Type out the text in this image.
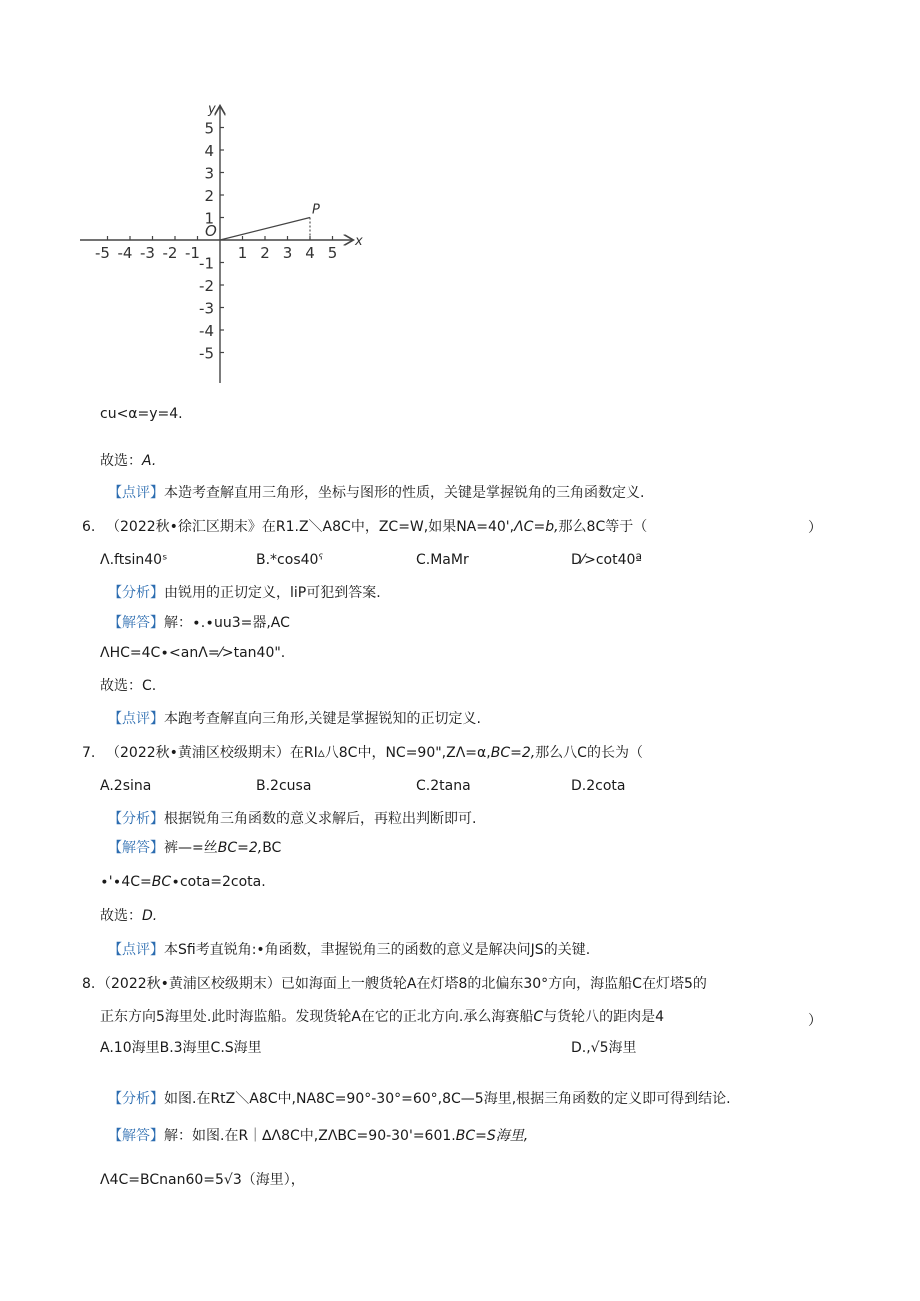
-5 -4 -3 -2 -1	1 2 3 4 5
5
4
3
2
1
-1
-2
-3
-4
-5
x
y
O
P
cu<α=y=4.
故选：A.
【点评】本造考查解直用三角形，坐标与图形的性质，关键是掌握锐角的三角函数定义.
6. （2022秋•徐汇区期末》在R1.Z＼A8C中，ZC=W,如果NA=40',ΛC=b,那么8C等于（	）
Λ.ftsin40ˢ	B.*cos40ˤ	C.MaMr	D⁄>cot40ª
【分析】由锐用的正切定义，liP可犯到答案.
【解答】解：∙.∙uu3=器,AC
ΛHC=4C∙<anΛ=⁄>tan40".
故选：C.
【点评】本跑考查解直向三角形,关键是掌握锐知的正切定义.
7. （2022秋•黄浦区校级期末）在RI▵八8C中，NC=90",ZΛ=α,BC=2,那么八C的长为（
A.2sina	B.2cusa	C.2tana	D.2cota
【分析】根据锐角三角函数的意义求解后，再粒出判断即可.
【解答】裤—=丝BC=2,BC
∙'∙4C=BC∙cota=2cota.
故选：D.
【点评】本Sfi考直锐角:•角函数，聿握锐角三的函数的意义是解决问JS的关键.
8. （2022秋•黄浦区校级期末）已如海面上一艘货轮A在灯塔8的北偏东30°方向，海监船C在灯塔5的
正东方向5海里处.此时海监船。发现货轮A在它的正北方向.承么海赛船C与货轮八的距肉是4	）
A.10海里B.3海里C.S海里	D.,√5海里
【分析】如图.在RtZ＼A8C中,NA8C=90°-30°=60°,8C—5海里,根据三角函数的定义即可得到结论.
【解答】解：如图.在R｜∆Λ8C中,ZΛBC=90-30'=601.BC=S海里,
Λ4C=BCnan60=5√3（海里），
